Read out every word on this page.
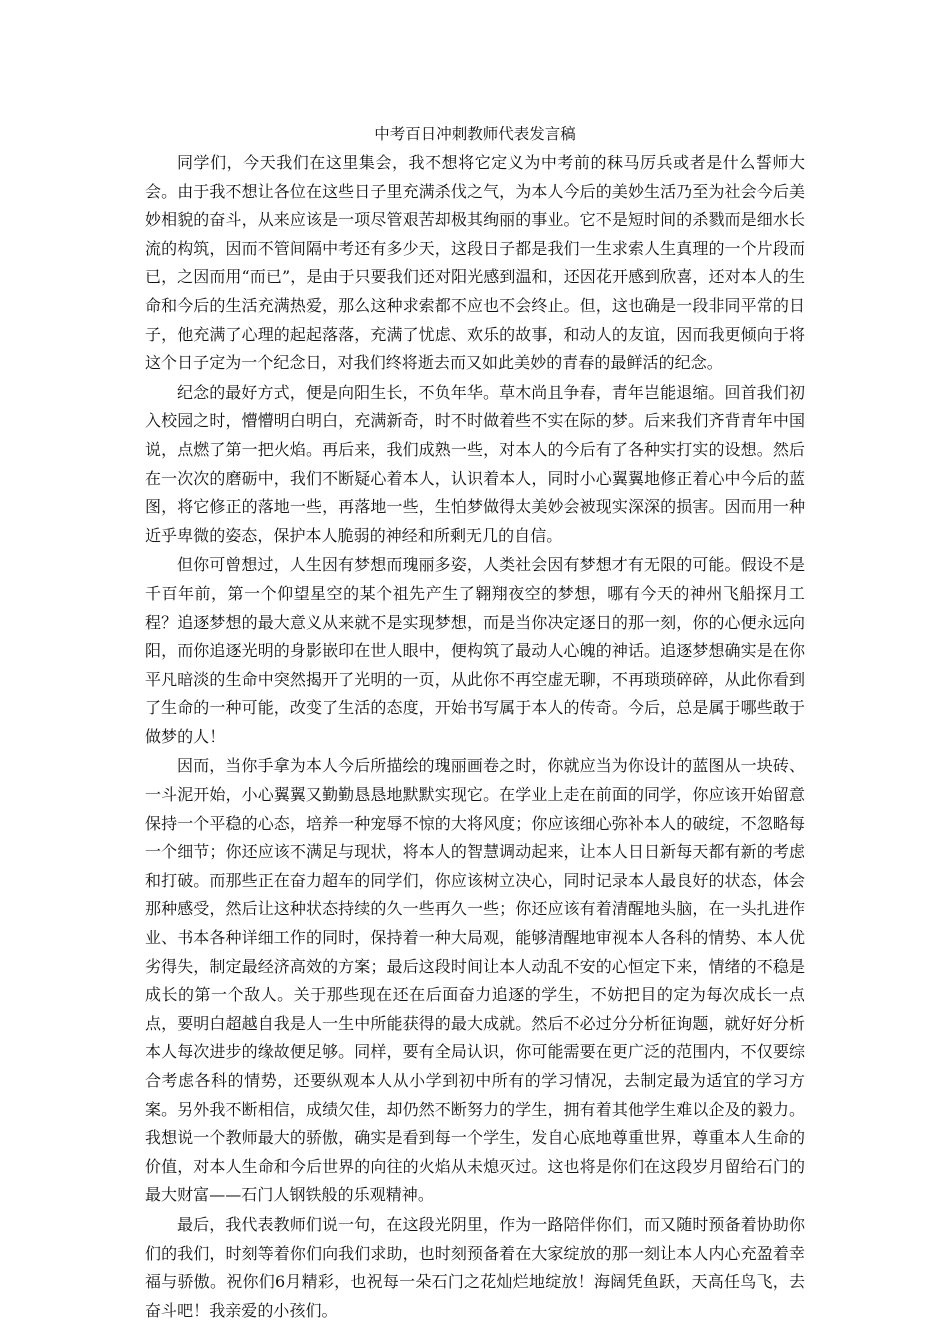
中考百日冲刺教师代表发言稿

同学们，今天我们在这里集会，我不想将它定义为中考前的秣马厉兵或者是什么誓师大会。由于我不想让各位在这些日子里充满杀伐之气，为本人今后的美妙生活乃至为社会今后美妙相貌的奋斗，从来应该是一项尽管艰苦却极其绚丽的事业。它不是短时间的杀戮而是细水长流的构筑，因而不管间隔中考还有多少天，这段日子都是我们一生求索人生真理的一个片段而已，之因而用“而已”，是由于只要我们还对阳光感到温和，还因花开感到欣喜，还对本人的生命和今后的生活充满热爱，那么这种求索都不应也不会终止。但，这也确是一段非同平常的日子，他充满了心理的起起落落，充满了忧虑、欢乐的故事，和动人的友谊，因而我更倾向于将这个日子定为一个纪念日，对我们终将逝去而又如此美妙的青春的最鲜活的纪念。

纪念的最好方式，便是向阳生长，不负年华。草木尚且争春，青年岂能退缩。回首我们初入校园之时，懵懵明白明白，充满新奇，时不时做着些不实在际的梦。后来我们齐背青年中国说，点燃了第一把火焰。再后来，我们成熟一些，对本人的今后有了各种实打实的设想。然后在一次次的磨砺中，我们不断疑心着本人，认识着本人，同时小心翼翼地修正着心中今后的蓝图，将它修正的落地一些，再落地一些，生怕梦做得太美妙会被现实深深的损害。因而用一种近乎卑微的姿态，保护本人脆弱的神经和所剩无几的自信。

但你可曾想过，人生因有梦想而瑰丽多姿，人类社会因有梦想才有无限的可能。假设不是千百年前，第一个仰望星空的某个祖先产生了翱翔夜空的梦想，哪有今天的神州飞船探月工程？追逐梦想的最大意义从来就不是实现梦想，而是当你决定逐日的那一刻，你的心便永远向阳，而你追逐光明的身影嵌印在世人眼中，便构筑了最动人心魄的神话。追逐梦想确实是在你平凡暗淡的生命中突然揭开了光明的一页，从此你不再空虚无聊，不再琐琐碎碎，从此你看到了生命的一种可能，改变了生活的态度，开始书写属于本人的传奇。今后，总是属于哪些敢于做梦的人！

因而，当你手拿为本人今后所描绘的瑰丽画卷之时，你就应当为你设计的蓝图从一块砖、一斗泥开始，小心翼翼又勤勤恳恳地默默实现它。在学业上走在前面的同学，你应该开始留意保持一个平稳的心态，培养一种宠辱不惊的大将风度；你应该细心弥补本人的破绽，不忽略每一个细节；你还应该不满足与现状，将本人的智慧调动起来，让本人日日新每天都有新的考虑和打破。而那些正在奋力超车的同学们，你应该树立决心，同时记录本人最良好的状态，体会那种感受，然后让这种状态持续的久一些再久一些；你还应该有着清醒地头脑，在一头扎进作业、书本各种详细工作的同时，保持着一种大局观，能够清醒地审视本人各科的情势、本人优劣得失，制定最经济高效的方案；最后这段时间让本人动乱不安的心恒定下来，情绪的不稳是成长的第一个敌人。关于那些现在还在后面奋力追逐的学生，不妨把目的定为每次成长一点点，要明白超越自我是人一生中所能获得的最大成就。然后不必过分分析征询题，就好好分析本人每次进步的缘故便足够。同样，要有全局认识，你可能需要在更广泛的范围内，不仅要综合考虑各科的情势，还要纵观本人从小学到初中所有的学习情况，去制定最为适宜的学习方案。另外我不断相信，成绩欠佳，却仍然不断努力的学生，拥有着其他学生难以企及的毅力。我想说一个教师最大的骄傲，确实是看到每一个学生，发自心底地尊重世界，尊重本人生命的价值，对本人生命和今后世界的向往的火焰从未熄灭过。这也将是你们在这段岁月留给石门的最大财富——石门人钢铁般的乐观精神。

最后，我代表教师们说一句，在这段光阴里，作为一路陪伴你们，而又随时预备着协助你们的我们，时刻等着你们向我们求助，也时刻预备着在大家绽放的那一刻让本人内心充盈着幸福与骄傲。祝你们6月精彩，也祝每一朵石门之花灿烂地绽放！海阔凭鱼跃，天高任鸟飞，去奋斗吧！我亲爱的小孩们。
